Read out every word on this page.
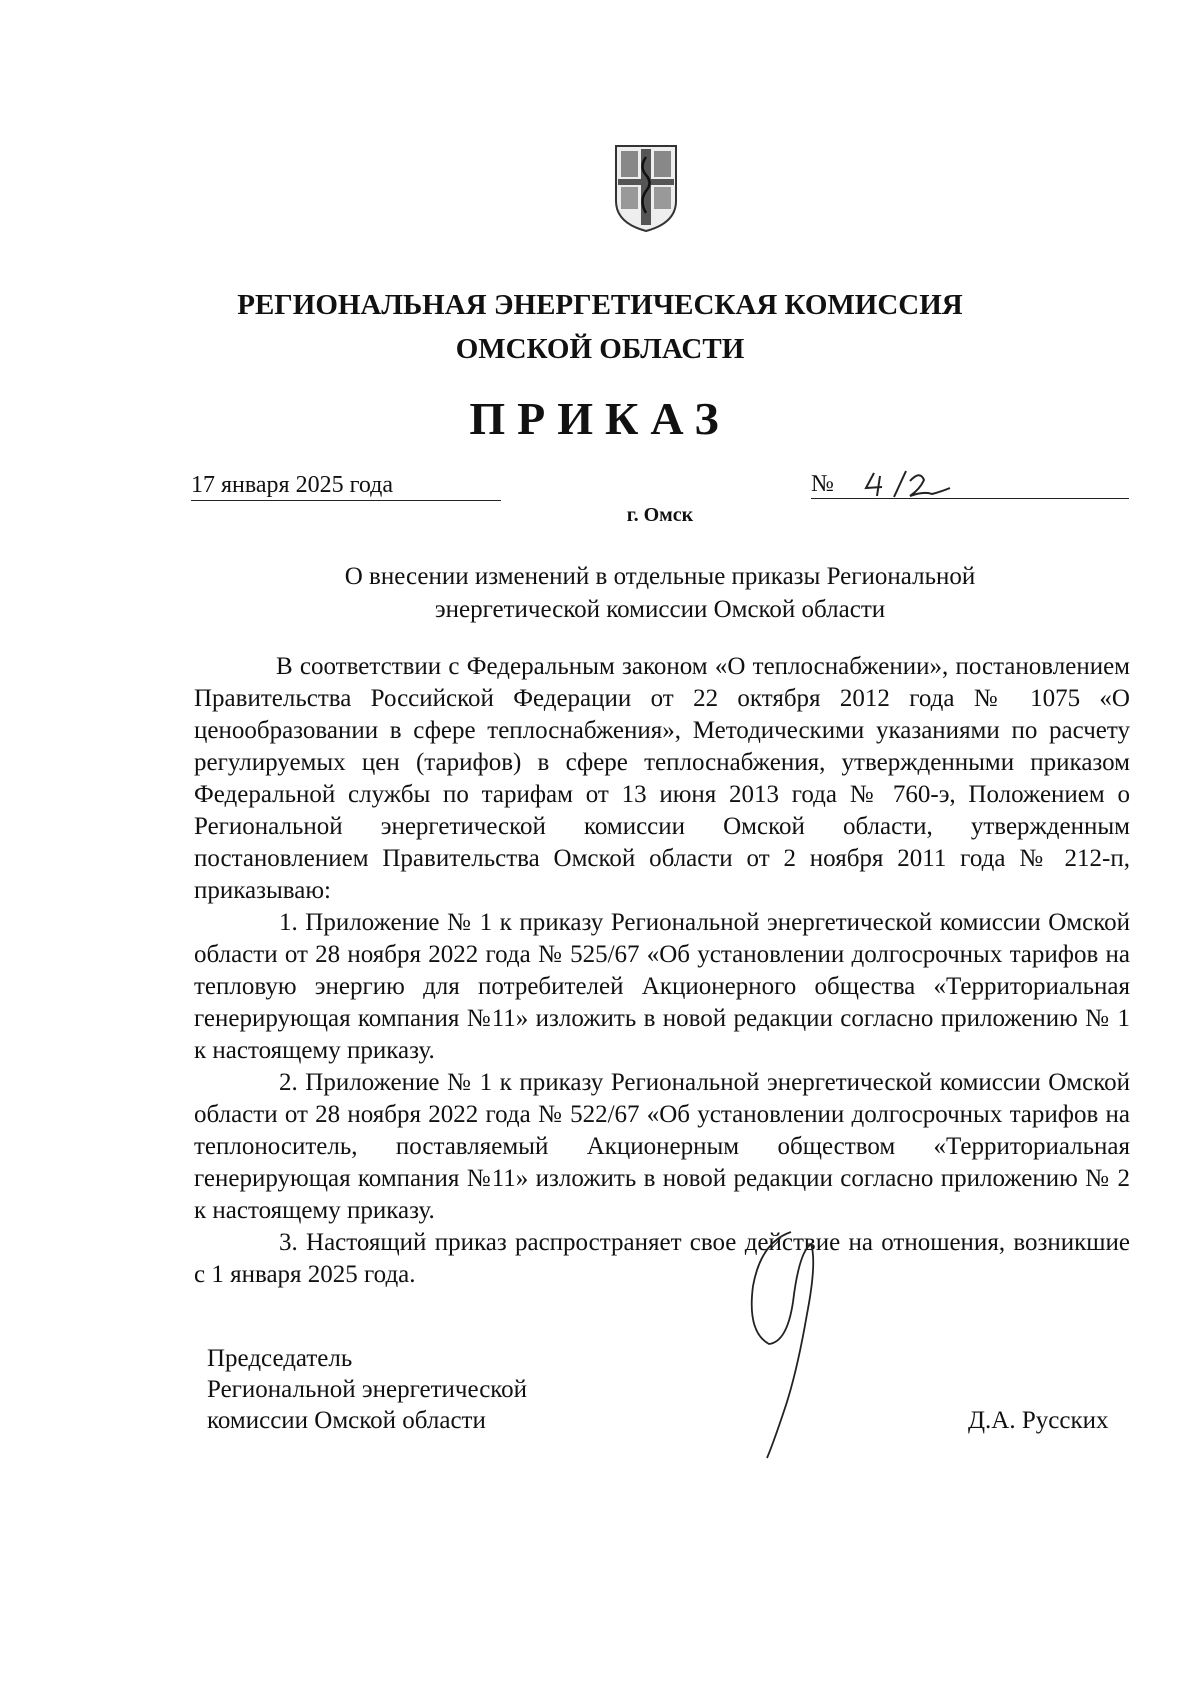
РЕГИОНАЛЬНАЯ ЭНЕРГЕТИЧЕСКАЯ КОМИССИЯ
ОМСКОЙ ОБЛАСТИ
ПРИКАЗ
17 января 2025 года	№
г. Омск
О внесении изменений в отдельные приказы Региональной
энергетической комиссии Омской области

В соответствии с Федеральным законом «О теплоснабжении», постановлением Правительства Российской Федерации от 22 октября 2012 года № 1075 «О ценообразовании в сфере теплоснабжения», Методическими указаниями по расчету регулируемых цен (тарифов) в сфере теплоснабжения, утвержденными приказом Федеральной службы по тарифам от 13 июня 2013 года № 760-э, Положением о Региональной энергетической комиссии Омской области, утвержденным постановлением Правительства Омской области от 2 ноября 2011 года № 212-п, приказываю:

1. Приложение № 1 к приказу Региональной энергетической комиссии Омской области от 28 ноября 2022 года № 525/67 «Об установлении долгосрочных тарифов на тепловую энергию для потребителей Акционерного общества «Территориальная генерирующая компания №11» изложить в новой редакции согласно приложению № 1 к настоящему приказу.

2. Приложение № 1 к приказу Региональной энергетической комиссии Омской области от 28 ноября 2022 года № 522/67 «Об установлении долгосрочных тарифов на теплоноситель, поставляемый Акционерным обществом «Территориальная генерирующая компания №11» изложить в новой редакции согласно приложению № 2 к настоящему приказу.

3. Настоящий приказ распространяет свое действие на отношения, возникшие с 1 января 2025 года.

Председатель
Региональной энергетической
комиссии Омской области	Д.А. Русских
